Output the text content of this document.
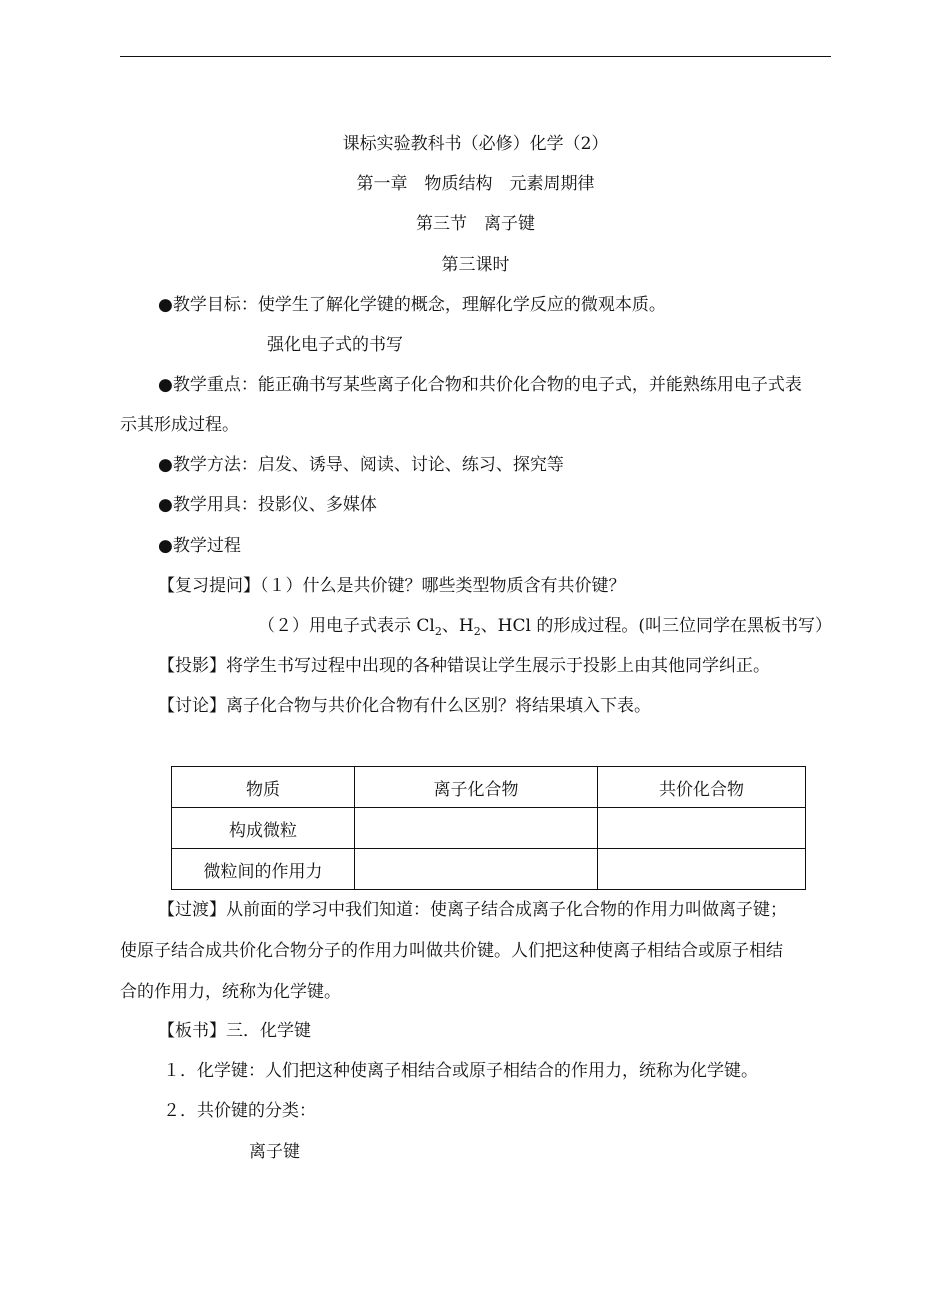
课标实验教科书（必修）化学（2）
第一章　物质结构　元素周期律
第三节　离子键
第三课时
●教学目标：使学生了解化学键的概念，理解化学反应的微观本质。
强化电子式的书写
●教学重点：能正确书写某些离子化合物和共价化合物的电子式，并能熟练用电子式表
示其形成过程。
●教学方法：启发、诱导、阅读、讨论、练习、探究等
●教学用具：投影仪、多媒体
●教学过程
【复习提问】（１）什么是共价键？哪些类型物质含有共价键？
（２）用电子式表示 $Cl_2$、$H_2$、HCl 的形成过程。(叫三位同学在黑板书写）
【投影】将学生书写过程中出现的各种错误让学生展示于投影上由其他同学纠正。
【讨论】离子化合物与共价化合物有什么区别？将结果填入下表。
物质	离子化合物	共价化合物
构成微粒		
微粒间的作用力		
【过渡】从前面的学习中我们知道：使离子结合成离子化合物的作用力叫做离子键；
使原子结合成共价化合物分子的作用力叫做共价键。人们把这种使离子相结合或原子相结
合的作用力，统称为化学键。
【板书】三．化学键
１．化学键：人们把这种使离子相结合或原子相结合的作用力，统称为化学键。
２．共价键的分类：
离子键
